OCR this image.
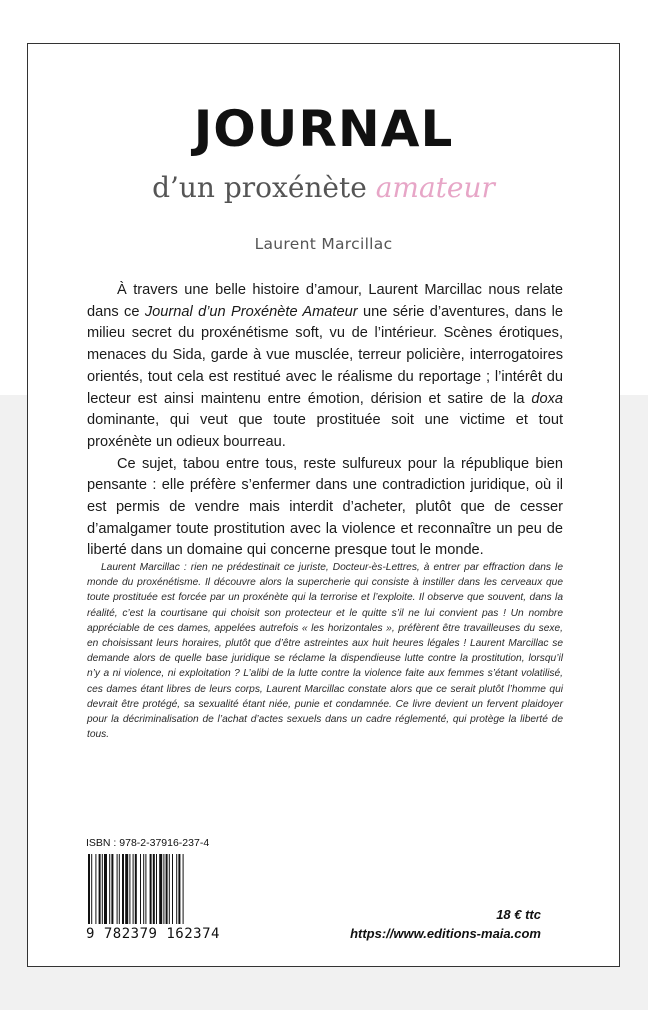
JOURNAL
d’un proxénète amateur
Laurent Marcillac

À travers une belle histoire d’amour, Laurent Marcillac nous relate dans ce Journal d’un Proxénète Amateur une série d’aventures, dans le milieu secret du proxénétisme soft, vu de l’intérieur. Scènes érotiques, menaces du Sida, garde à vue musclée, terreur policière, interrogatoires orientés, tout cela est restitué avec le réalisme du reportage ; l’intérêt du lecteur est ainsi maintenu entre émotion, dérision et satire de la doxa dominante, qui veut que toute prostituée soit une victime et tout proxénète un odieux bourreau.

Ce sujet, tabou entre tous, reste sulfureux pour la république bien pensante : elle préfère s’enfermer dans une contradiction juridique, où il est permis de vendre mais interdit d’acheter, plutôt que de cesser d’amalgamer toute prostitution avec la violence et reconnaître un peu de liberté dans un domaine qui concerne presque tout le monde.

Laurent Marcillac : rien ne prédestinait ce juriste, Docteur-ès-Lettres, à entrer par effraction dans le monde du proxénétisme. Il découvre alors la supercherie qui consiste à instiller dans les cerveaux que toute prostituée est forcée par un proxénète qui la terrorise et l’exploite. Il observe que souvent, dans la réalité, c’est la courtisane qui choisit son protecteur et le quitte s’il ne lui convient pas ! Un nombre appréciable de ces dames, appelées autrefois « les horizontales », préfèrent être travailleuses du sexe, en choisissant leurs horaires, plutôt que d’être astreintes aux huit heures légales ! Laurent Marcillac se demande alors de quelle base juridique se réclame la dispendieuse lutte contre la prostitution, lorsqu’il n’y a ni violence, ni exploitation ? L’alibi de la lutte contre la violence faite aux femmes s’étant volatilisé, ces dames étant libres de leurs corps, Laurent Marcillac constate alors que ce serait plutôt l’homme qui devrait être protégé, sa sexualité étant niée, punie et condamnée. Ce livre devient un fervent plaidoyer pour la décriminalisation de l’achat d’actes sexuels dans un cadre réglementé, qui protège la liberté de tous.
ISBN : 978-2-37916-237-4
9 782379 162374
18 € ttc
https://www.editions-maia.com
